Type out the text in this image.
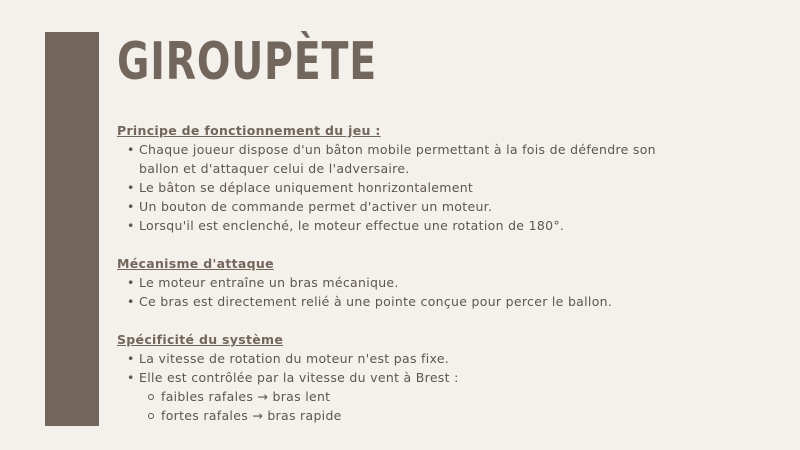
GIROUPÈTE

Principe de fonctionnement du jeu :

• Chaque joueur dispose d'un bâton mobile permettant à la fois de défendre son ballon et d'attaquer celui de l'adversaire.
• Le bâton se déplace uniquement honrizontalement
• Un bouton de commande permet d'activer un moteur.
• Lorsqu'il est enclenché, le moteur effectue une rotation de 180°.

Mécanisme d'attaque

• Le moteur entraîne un bras mécanique.
• Ce bras est directement relié à une pointe conçue pour percer le ballon.

Spécificité du système

• La vitesse de rotation du moteur n'est pas fixe.
• Elle est contrôlée par la vitesse du vent à Brest :
faibles rafales → bras lent
fortes rafales → bras rapide
